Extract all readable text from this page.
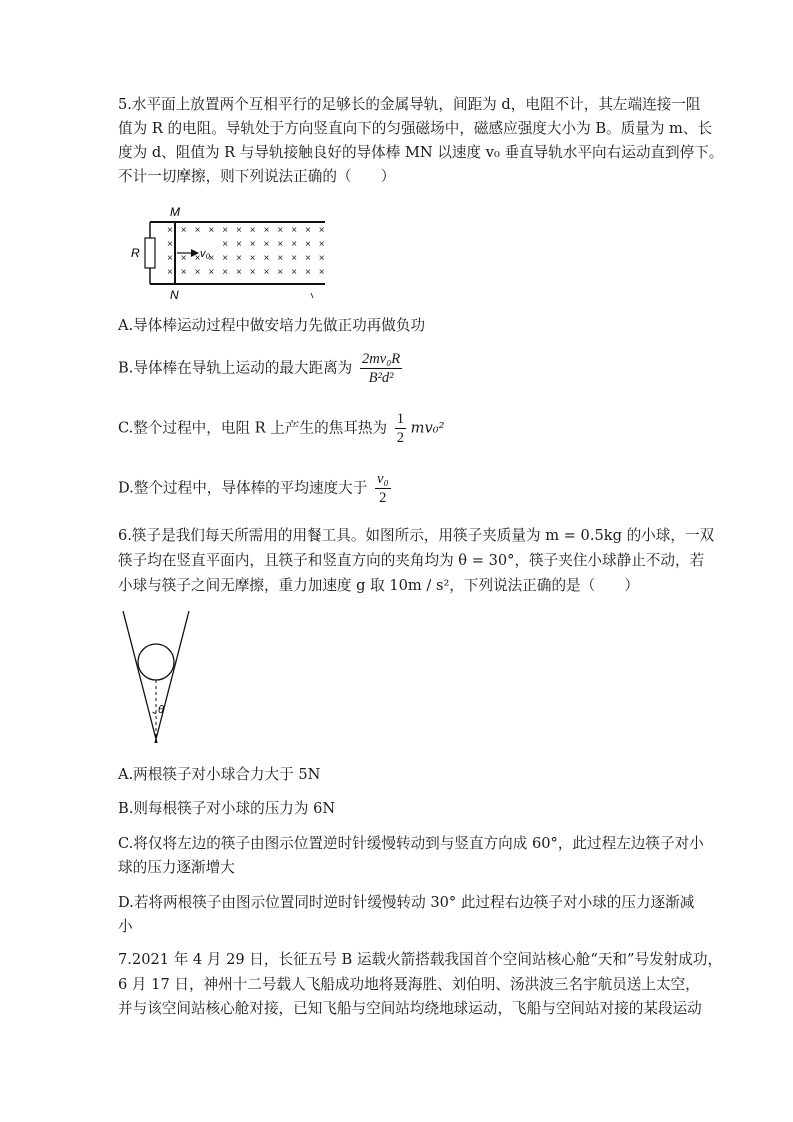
5.水平面上放置两个互相平行的足够长的金属导轨，间距为 d，电阻不计，其左端连接一阻
值为 R 的电阻。导轨处于方向竖直向下的匀强磁场中，磁感应强度大小为 B。质量为 m、长
度为 d、阻值为 R 与导轨接触良好的导体棒 MN 以速度 v₀ 垂直导轨水平向右运动直到停下。
不计一切摩擦，则下列说法正确的（　　）
R
M
N
v₀
× × × × × × × × × × × ×
×	× × × × × × × ×
× × × × × × × × × × × ×
× × × × × × × × × × × ×
A.导体棒运动过程中做安培力先做正功再做负功
B.导体棒在导轨上运动的最大距离为 $\frac{\text{2mv₀R}}{\text{B²d²}}$
C.整个过程中，电阻 R 上产生的焦耳热为 $\frac{1}{2} mv_0^2$
D.整个过程中，导体棒的平均速度大于 $\frac{\text{v₀}}{2}$
6.筷子是我们每天所需用的用餐工具。如图所示，用筷子夹质量为 m = 0.5kg 的小球，一双
筷子均在竖直平面内，且筷子和竖直方向的夹角均为 θ = 30°，筷子夹住小球静止不动，若
小球与筷子之间无摩擦，重力加速度 g 取 10m / s²，下列说法正确的是（　　）
θ
A.两根筷子对小球合力大于 5N
B.则每根筷子对小球的压力为 6N
C.将仅将左边的筷子由图示位置逆时针缓慢转动到与竖直方向成 60°，此过程左边筷子对小
球的压力逐渐增大
D.若将两根筷子由图示位置同时逆时针缓慢转动 30° 此过程右边筷子对小球的压力逐渐减
小
7.2021 年 4 月 29 日，长征五号 B 运载火箭搭载我国首个空间站核心舱“天和”号发射成功，
6 月 17 日，神州十二号载人飞船成功地将聂海胜、刘伯明、汤洪波三名宇航员送上太空，
并与该空间站核心舱对接，已知飞船与空间站均绕地球运动，飞船与空间站对接的某段运动
